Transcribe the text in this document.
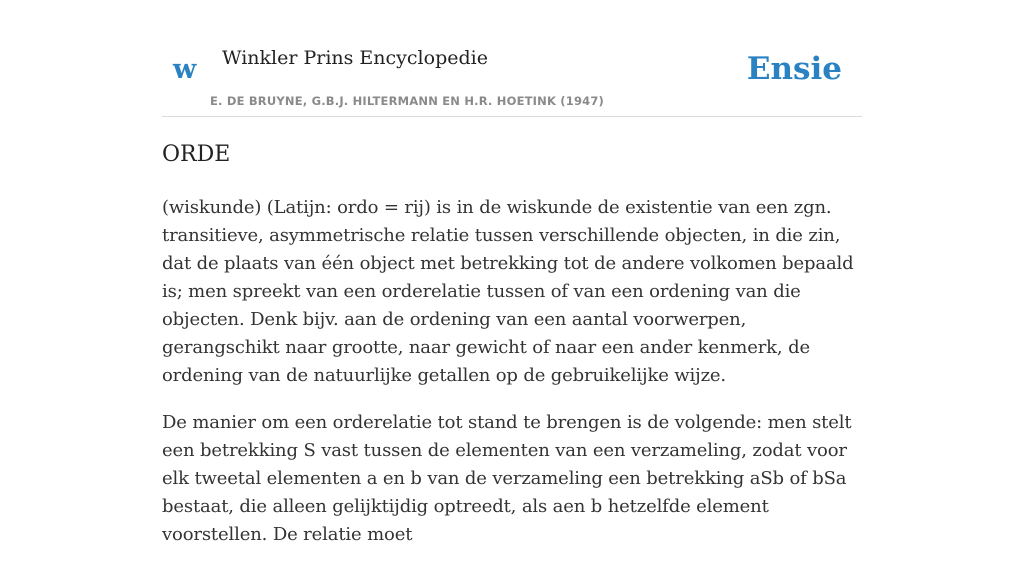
w Winkler Prins Encyclopedie
E. DE BRUYNE, G.B.J. HILTERMANN EN H.R. HOETINK (1947)
Ensie
ORDE

(wiskunde) (Latijn: ordo = rij) is in de wiskunde de existentie van een zgn. transitieve, asymmetrische relatie tussen verschillende objecten, in die zin, dat de plaats van één object met betrekking tot de andere volkomen bepaald is; men spreekt van een orderelatie tussen of van een ordening van die objecten. Denk bijv. aan de ordening van een aantal voorwerpen, gerangschikt naar grootte, naar gewicht of naar een ander kenmerk, de ordening van de natuurlijke getallen op de gebruikelijke wijze.

De manier om een orderelatie tot stand te brengen is de volgende: men stelt een betrekking S vast tussen de elementen van een verzameling, zodat voor elk tweetal elementen a en b van de verzameling een betrekking aSb of bSa bestaat, die alleen gelijktijdig optreedt, als aen b hetzelfde element voorstellen. De relatie moet
